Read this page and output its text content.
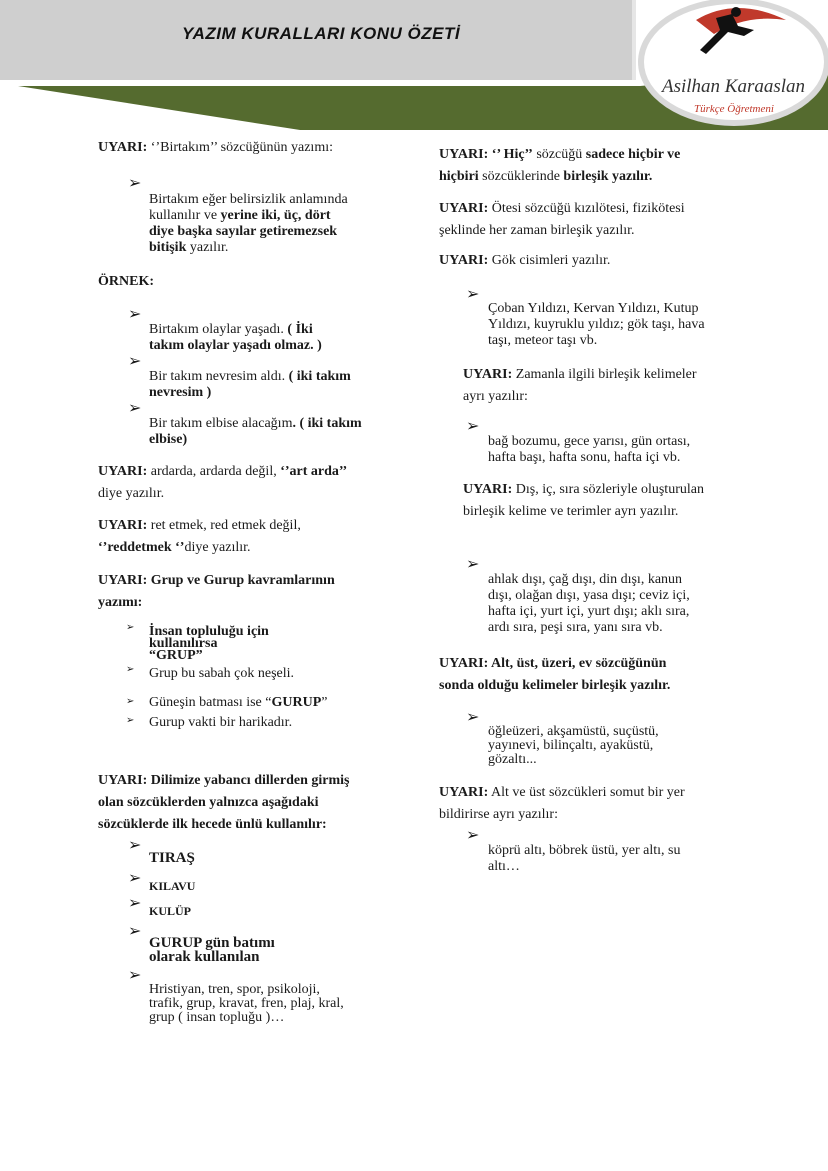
YAZIM KURALLARI KONU ÖZETİ
Asilhan Karaaslan
Türkçe Öğretmeni
UYARI: ‘’Birtakım’’ sözcüğünün yazımı:
➢
Birtakım eğer belirsizlik anlamında
kullanılır ve yerine iki, üç, dört
diye başka sayılar getiremezsek
bitişik yazılır.
ÖRNEK:
➢
Birtakım olaylar yaşadı. ( İki
takım olaylar yaşadı olmaz. )
➢
Bir takım nevresim aldı. ( iki takım
nevresim )
➢
Bir takım elbise alacağım. ( iki takım
elbise)
UYARI: ardarda, ardarda değil, ‘’art arda’’
diye yazılır.
UYARI: ret etmek, red etmek değil,
‘’reddetmek ‘’diye yazılır.
UYARI: Grup ve Gurup kavramlarının
yazımı:
➢ İnsan topluluğu için
kullanılırsa
“GRUP”
➢ Grup bu sabah çok neşeli.
➢ Güneşin batması ise “GURUP”
➢ Gurup vakti bir harikadır.
UYARI: Dilimize yabancı dillerden girmiş
olan sözcüklerden yalnızca aşağıdaki
sözcüklerde ilk hecede ünlü kullanılır:
➢
TIRAŞ
➢ KILAVU
➢ KULÜP
➢
GURUP gün batımı
olarak kullanılan
➢
Hristiyan, tren, spor, psikoloji,
trafik, grup, kravat, fren, plaj, kral,
grup ( insan topluğu )…
UYARI: ‘’ Hiç’’ sözcüğü sadece hiçbir ve
hiçbiri sözcüklerinde birleşik yazılır.
UYARI: Ötesi sözcüğü kızılötesi, fizikötesi
şeklinde her zaman birleşik yazılır.
UYARI: Gök cisimleri yazılır.
➢
Çoban Yıldızı, Kervan Yıldızı, Kutup
Yıldızı, kuyruklu yıldız; gök taşı, hava
taşı, meteor taşı vb.
UYARI: Zamanla ilgili birleşik kelimeler
ayrı yazılır:
➢
bağ bozumu, gece yarısı, gün ortası,
hafta başı, hafta sonu, hafta içi vb.
UYARI: Dış, iç, sıra sözleriyle oluşturulan
birleşik kelime ve terimler ayrı yazılır.
➢
ahlak dışı, çağ dışı, din dışı, kanun
dışı, olağan dışı, yasa dışı; ceviz içi,
hafta içi, yurt içi, yurt dışı; aklı sıra,
ardı sıra, peşi sıra, yanı sıra vb.
UYARI: Alt, üst, üzeri, ev sözcüğünün
sonda olduğu kelimeler birleşik yazılır.
➢
öğleüzeri, akşamüstü, suçüstü,
yayınevi, bilinçaltı, ayaküstü,
gözaltı...
UYARI: Alt ve üst sözcükleri somut bir yer
bildirirse ayrı yazılır:
➢
köprü altı, böbrek üstü, yer altı, su
altı…
